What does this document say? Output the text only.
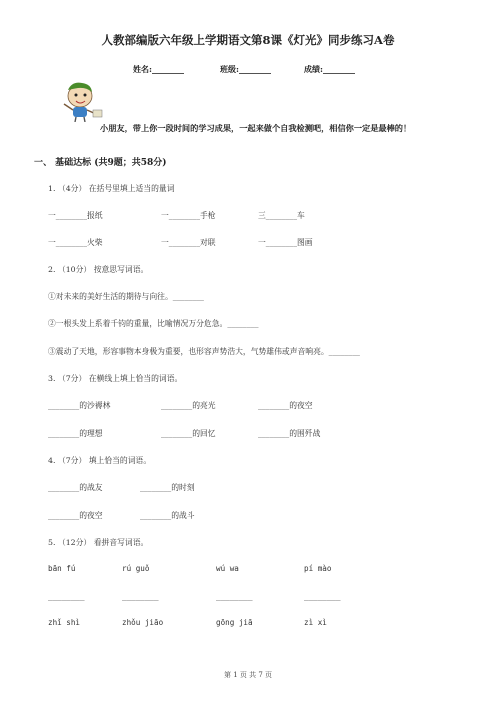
人教部编版六年级上学期语文第8课《灯光》同步练习A卷
姓名:________	班级:________	成绩:________
小朋友，带上你一段时间的学习成果，一起来做个自我检测吧，相信你一定是最棒的！
一、 基础达标 (共9题；共58分)
1. （4分） 在括号里填上适当的量词
一________报纸	一________手枪	三________车
一________火柴	一________对联	一________图画
2. （10分） 按意思写词语。
①对未来的美好生活的期待与向往。________
②一根头发上系着千钧的重量，比喻情况万分危急。________
③震动了天地，形容事物本身极为重要，也形容声势浩大，气势雄伟或声音响亮。________
3. （7分） 在横线上填上恰当的词语。
________的沙褥林	________的亮光	________的夜空
________的理想	________的回忆	________的围歼战
4. （7分） 填上恰当的词语。
________的战友	________的时刻
________的夜空	________的战斗
5. （12分） 看拼音写词语。
bān fú	rú guǒ	wú wa	pí mào
________	________	________	________
zhǐ shì	zhǒu jiāo	gōng jiā	zì xì
第 1 页 共 7 页
